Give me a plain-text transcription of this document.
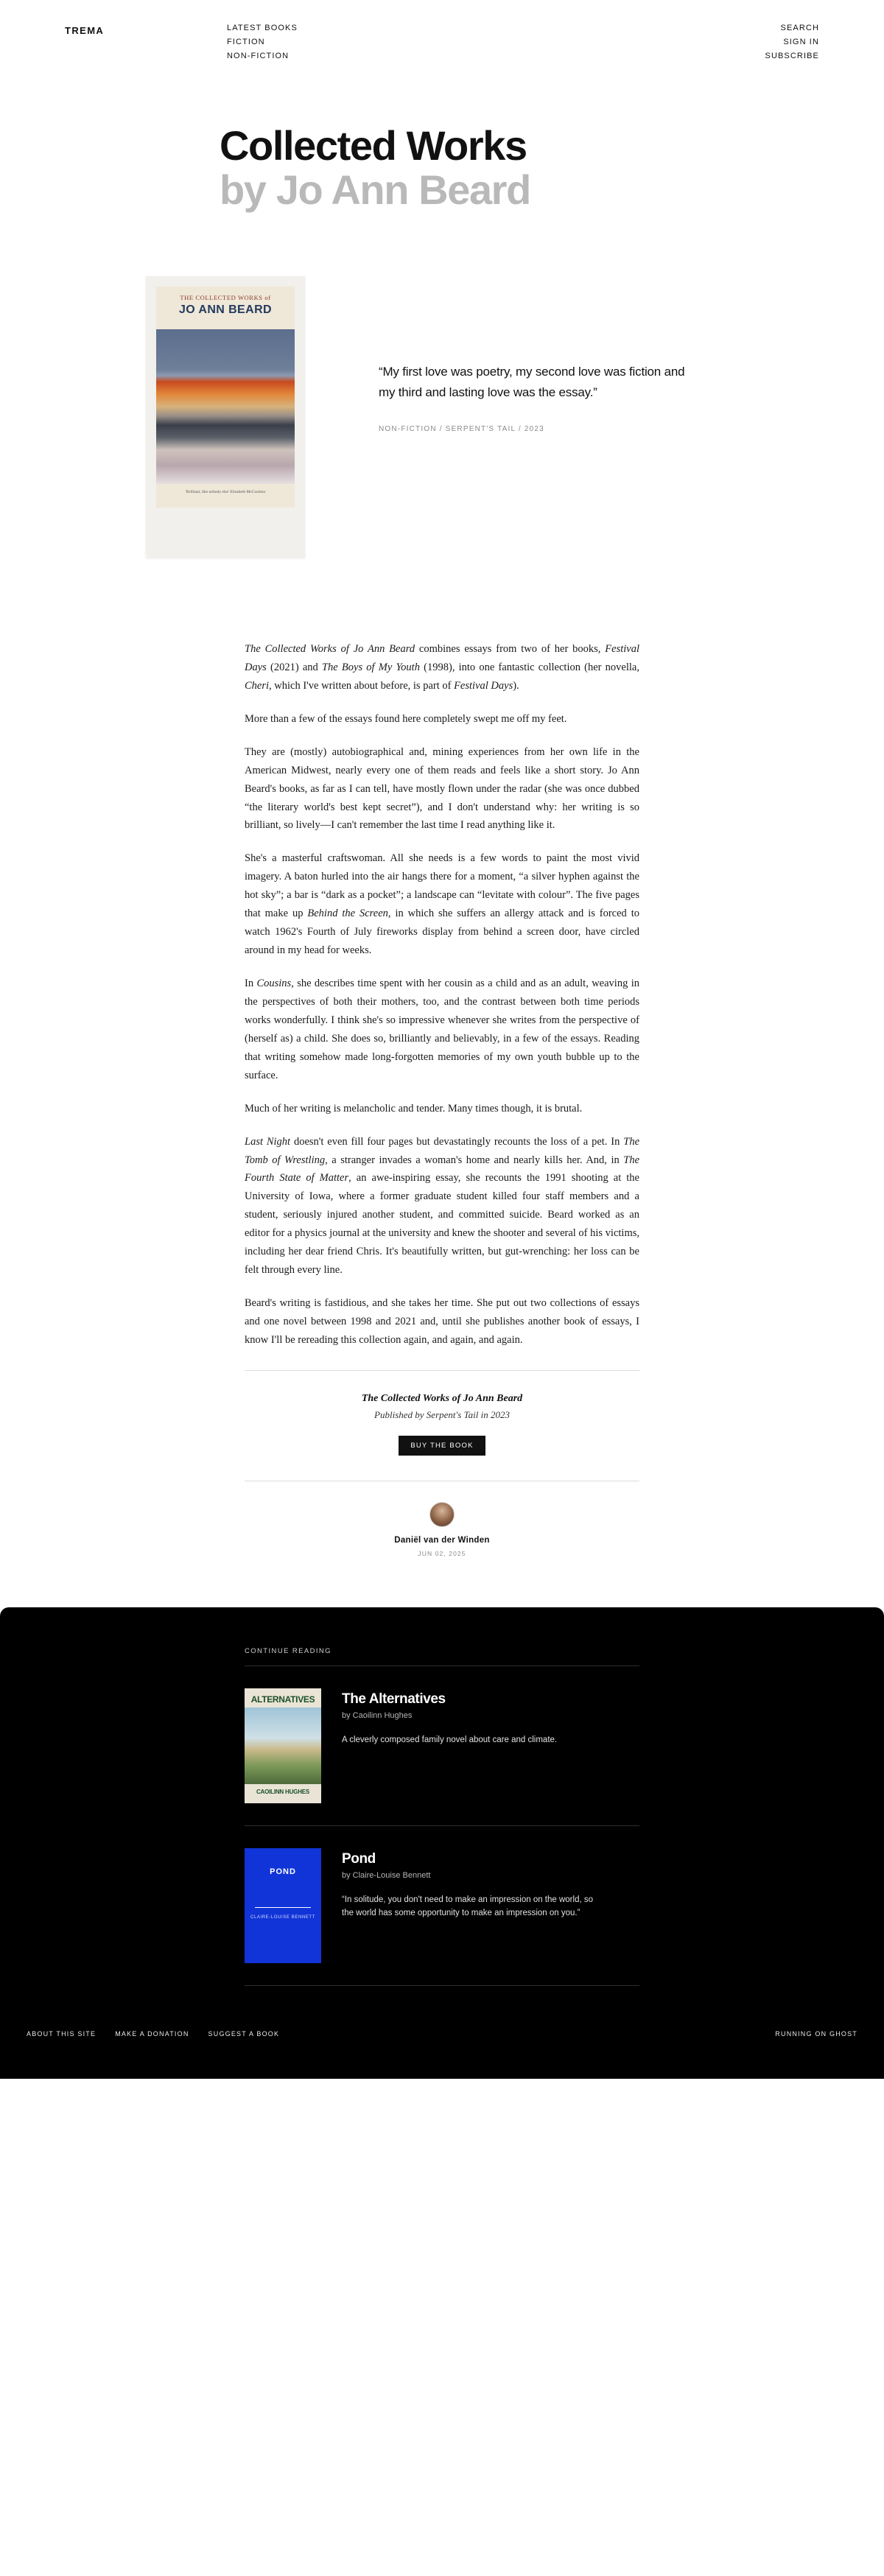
TREMA	LATEST BOOKS
FICTION
NON-FICTION
SEARCH
SIGN IN
SUBSCRIBE
Collected Works
by Jo Ann Beard
THE COLLECTED WORKS of
JO ANN BEARD
'Brilliant, like nobody else' Elizabeth McCracken
“My first love was poetry, my second love was fiction and my third and lasting love was the essay.”
NON-FICTION / SERPENT'S TAIL / 2023

The Collected Works of Jo Ann Beard combines essays from two of her books, Festival Days (2021) and The Boys of My Youth (1998), into one fantastic collection (her novella, Cheri, which I've written about before, is part of Festival Days).

More than a few of the essays found here completely swept me off my feet.

They are (mostly) autobiographical and, mining experiences from her own life in the American Midwest, nearly every one of them reads and feels like a short story. Jo Ann Beard's books, as far as I can tell, have mostly flown under the radar (she was once dubbed “the literary world's best kept secret”), and I don't understand why: her writing is so brilliant, so lively—I can't remember the last time I read anything like it.

She's a masterful craftswoman. All she needs is a few words to paint the most vivid imagery. A baton hurled into the air hangs there for a moment, “a silver hyphen against the hot sky”; a bar is “dark as a pocket”; a landscape can “levitate with colour”. The five pages that make up Behind the Screen, in which she suffers an allergy attack and is forced to watch 1962's Fourth of July fireworks display from behind a screen door, have circled around in my head for weeks.

In Cousins, she describes time spent with her cousin as a child and as an adult, weaving in the perspectives of both their mothers, too, and the contrast between both time periods works wonderfully. I think she's so impressive whenever she writes from the perspective of (herself as) a child. She does so, brilliantly and believably, in a few of the essays. Reading that writing somehow made long-forgotten memories of my own youth bubble up to the surface.

Much of her writing is melancholic and tender. Many times though, it is brutal.

Last Night doesn't even fill four pages but devastatingly recounts the loss of a pet. In The Tomb of Wrestling, a stranger invades a woman's home and nearly kills her. And, in The Fourth State of Matter, an awe-inspiring essay, she recounts the 1991 shooting at the University of Iowa, where a former graduate student killed four staff members and a student, seriously injured another student, and committed suicide. Beard worked as an editor for a physics journal at the university and knew the shooter and several of his victims, including her dear friend Chris. It's beautifully written, but gut-wrenching: her loss can be felt through every line.

Beard's writing is fastidious, and she takes her time. She put out two collections of essays and one novel between 1998 and 2021 and, until she publishes another book of essays, I know I'll be rereading this collection again, and again, and again.

The Collected Works of Jo Ann Beard
Published by Serpent's Tail in 2023
BUY THE BOOK
Daniël van der Winden
JUN 02, 2025
CONTINUE READING
ALTERNATIVES
CAOILINN HUGHES
The Alternatives
by Caoilinn Hughes
A cleverly composed family novel about care and climate.
POND
CLAIRE-LOUISE BENNETT
Pond
by Claire-Louise Bennett
“In solitude, you don't need to make an impression on the world, so the world has some opportunity to make an impression on you.”
ABOUT THIS SITE	MAKE A DONATION	SUGGEST A BOOK	RUNNING ON GHOST
